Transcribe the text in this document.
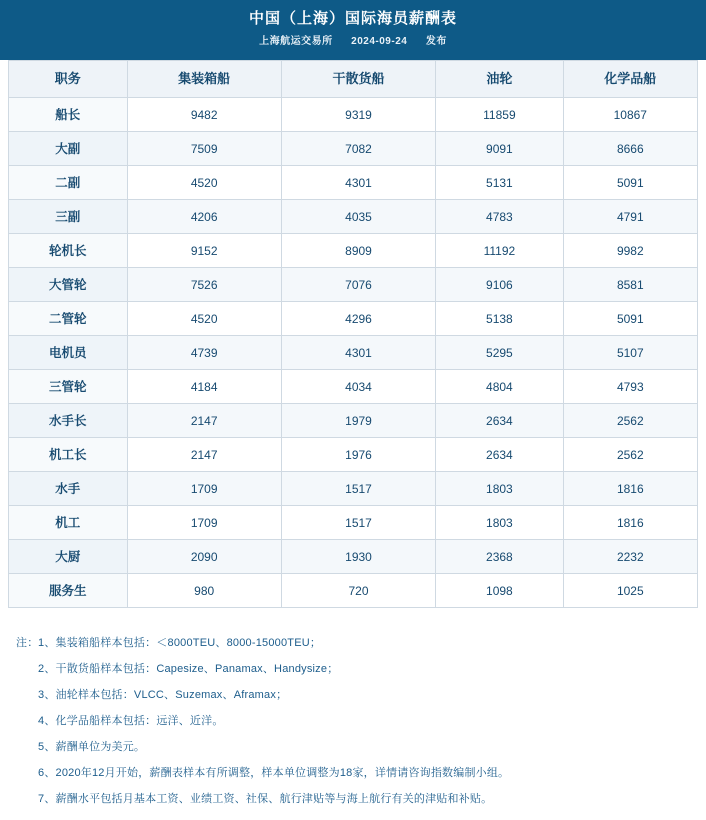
中国（上海）国际海员薪酬表
上海航运交易所 2024-09-24 发布
职务	集装箱船	干散货船	油轮	化学品船
船长	9482	9319	11859	10867
大副	7509	7082	9091	8666
二副	4520	4301	5131	5091
三副	4206	4035	4783	4791
轮机长	9152	8909	11192	9982
大管轮	7526	7076	9106	8581
二管轮	4520	4296	5138	5091
电机员	4739	4301	5295	5107
三管轮	4184	4034	4804	4793
水手长	2147	1979	2634	2562
机工长	2147	1976	2634	2562
水手	1709	1517	1803	1816
机工	1709	1517	1803	1816
大厨	2090	1930	2368	2232
服务生	980	720	1098	1025
注：1、集装箱船样本包括：＜8000TEU、8000-15000TEU；
2、干散货船样本包括：Capesize、Panamax、Handysize；
3、油轮样本包括：VLCC、Suzemax、Aframax；
4、化学品船样本包括：远洋、近洋。
5、薪酬单位为美元。
6、2020年12月开始，薪酬表样本有所调整，样本单位调整为18家，详情请咨询指数编制小组。
7、薪酬水平包括月基本工资、业绩工资、社保、航行津贴等与海上航行有关的津贴和补贴。
